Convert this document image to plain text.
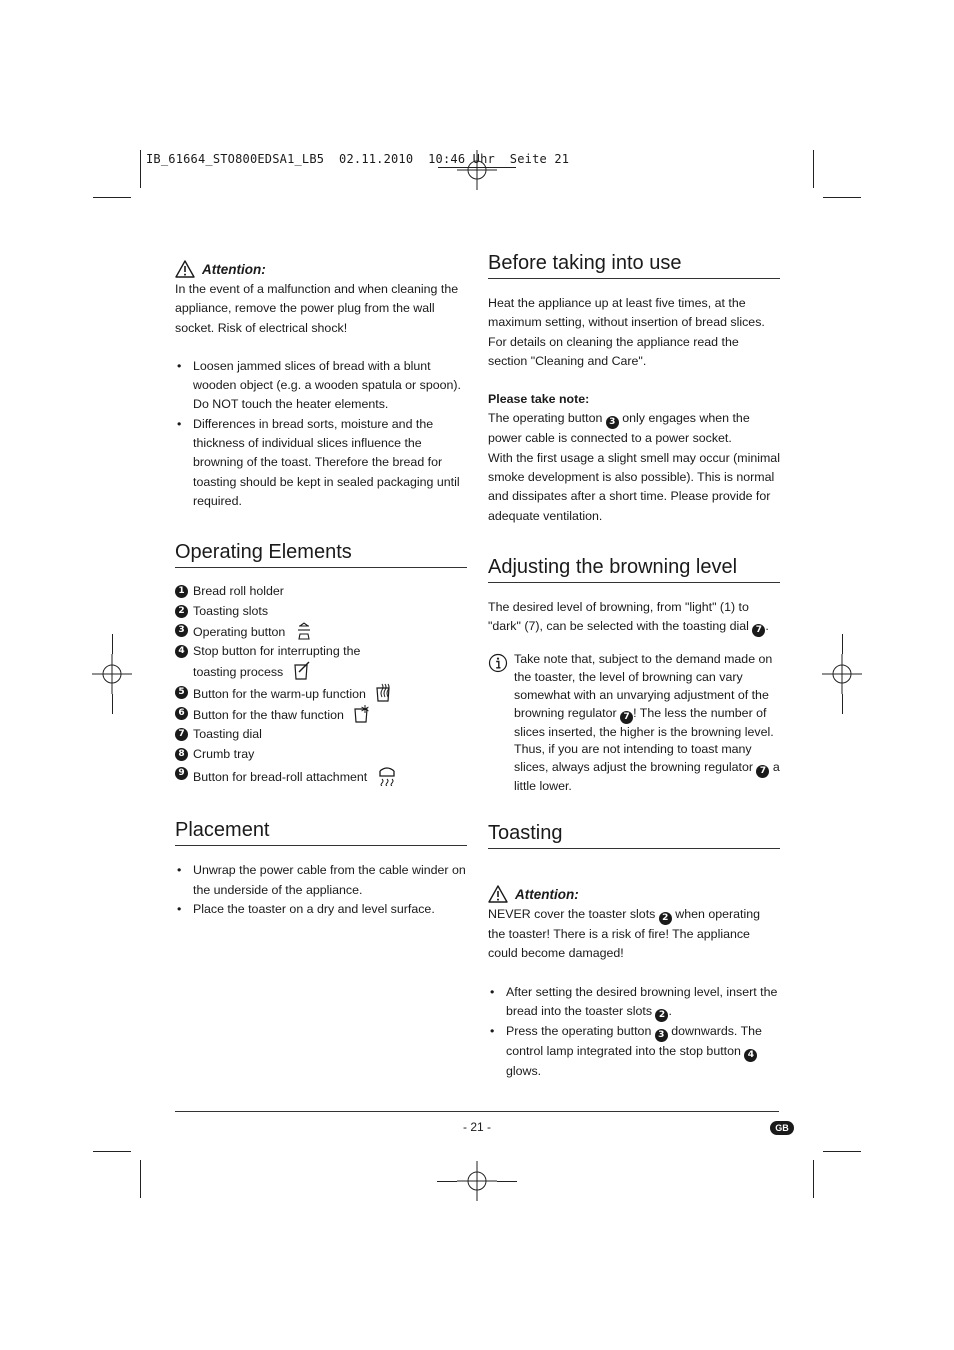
IB_61664_STO800EDSA1_LB5  02.11.2010  10:46 Uhr  Seite 21
Attention:

In the event of a malfunction and when cleaning the appliance, remove the power plug from the wall socket. Risk of electrical shock!

• Loosen jammed slices of bread with a blunt wooden object (e.g. a wooden spatula or spoon).
Do NOT touch the heater elements.
• Differences in bread sorts, moisture and the thickness of individual slices influence the browning of the toast. Therefore the bread for toasting should be kept in sealed packaging until required.
Operating Elements
1 Bread roll holder
2 Toasting slots
3 Operating button
4 Stop button for interrupting the
toasting process
5 Button for the warm-up function
6 Button for the thaw function
7 Toasting dial
8 Crumb tray
9 Button for bread-roll attachment
Placement
• Unwrap the power cable from the cable winder on the underside of the appliance.
• Place the toaster on a dry and level surface.
Before taking into use

Heat the appliance up at least five times, at the maximum setting, without insertion of bread slices. For details on cleaning the appliance read the section "Cleaning and Care".

Please take note:

The operating button 3 only engages when the power cable is connected to a power socket.
With the first usage a slight smell may occur (minimal smoke development is also possible). This is normal and dissipates after a short time. Please provide for adequate ventilation.

Adjusting the browning level

The desired level of browning, from "light" (1) to "dark" (7), can be selected with the toasting dial 7 .

Take note that, subject to the demand made on the toaster, the level of browning can vary somewhat with an unvarying adjustment of the browning regulator 7 ! The less the number of slices inserted, the higher is the browning level. Thus, if you are not intending to toast many slices, always adjust the browning regulator 7 a little lower.
Toasting
Attention:

NEVER cover the toaster slots 2 when operating the toaster! There is a risk of fire! The appliance could become damaged!

• After setting the desired browning level, insert the bread into the toaster slots 2 .
• Press the operating button 3 downwards. The control lamp integrated into the stop button 4 glows.
- 21 -	GB
